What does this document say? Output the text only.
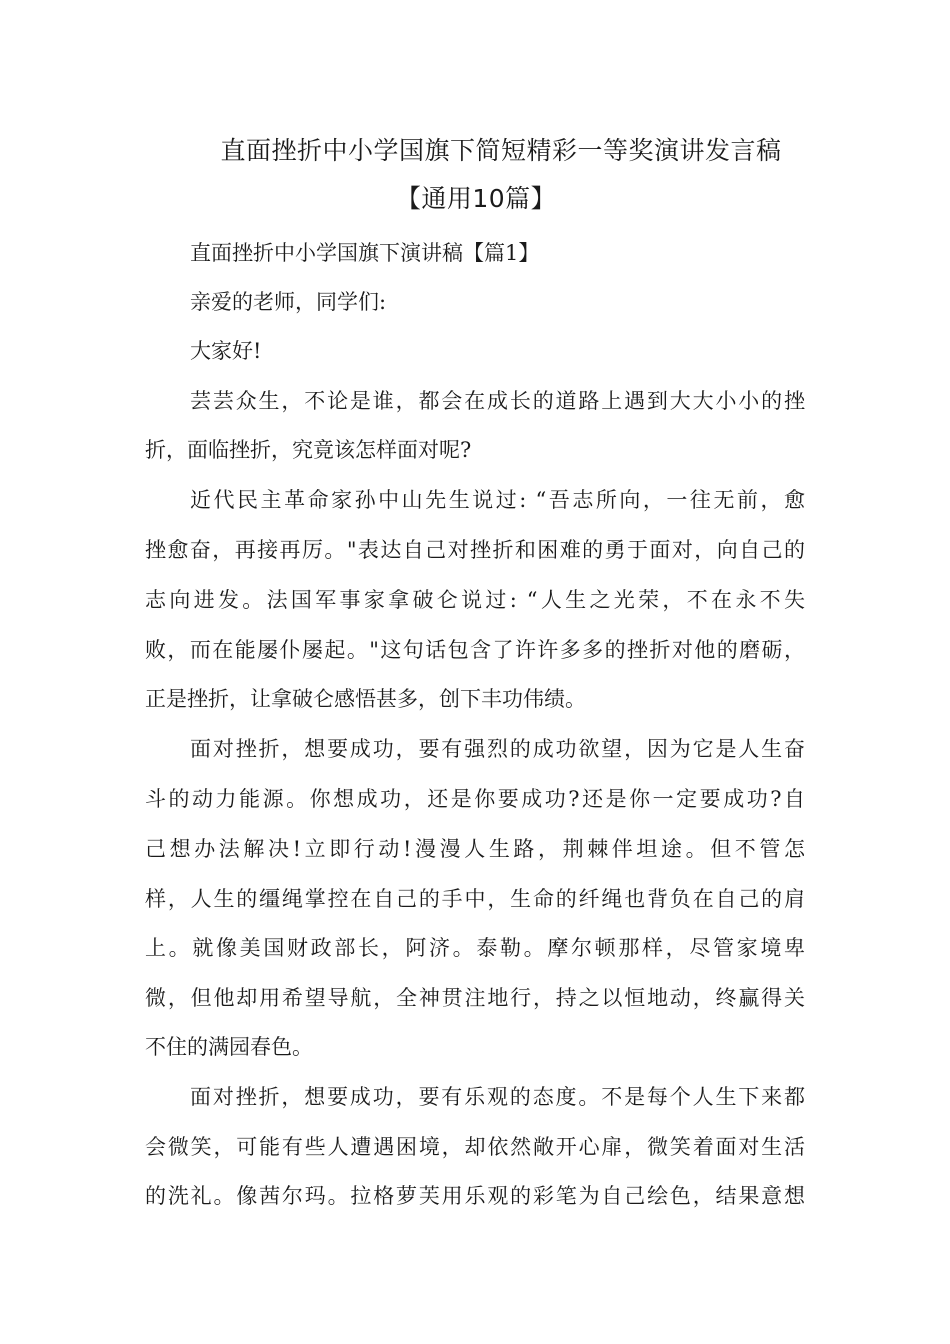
直面挫折中小学国旗下简短精彩一等奖演讲发言稿
【通用10篇】

直面挫折中小学国旗下演讲稿【篇1】

亲爱的老师，同学们:

大家好!

芸芸众生，不论是谁，都会在成长的道路上遇到大大小小的挫

折，面临挫折，究竟该怎样面对呢?

近代民主革命家孙中山先生说过: “吾志所向，一往无前，愈

挫愈奋，再接再厉。"表达自己对挫折和困难的勇于面对，向自己的

志向进发。法国军事家拿破仑说过: “人生之光荣，不在永不失

败，而在能屡仆屡起。"这句话包含了许许多多的挫折对他的磨砺，

正是挫折，让拿破仑感悟甚多，创下丰功伟绩。

面对挫折，想要成功，要有强烈的成功欲望，因为它是人生奋

斗的动力能源。你想成功，还是你要成功?还是你一定要成功?自

己想办法解决!立即行动!漫漫人生路，荆棘伴坦途。但不管怎

样，人生的缰绳掌控在自己的手中，生命的纤绳也背负在自己的肩

上。就像美国财政部长，阿济。泰勒。摩尔顿那样，尽管家境卑

微，但他却用希望导航，全神贯注地行，持之以恒地动，终赢得关

不住的满园春色。

面对挫折，想要成功，要有乐观的态度。不是每个人生下来都

会微笑，可能有些人遭遇困境，却依然敞开心扉，微笑着面对生活

的洗礼。像茜尔玛。拉格萝芙用乐观的彩笔为自己绘色，结果意想
